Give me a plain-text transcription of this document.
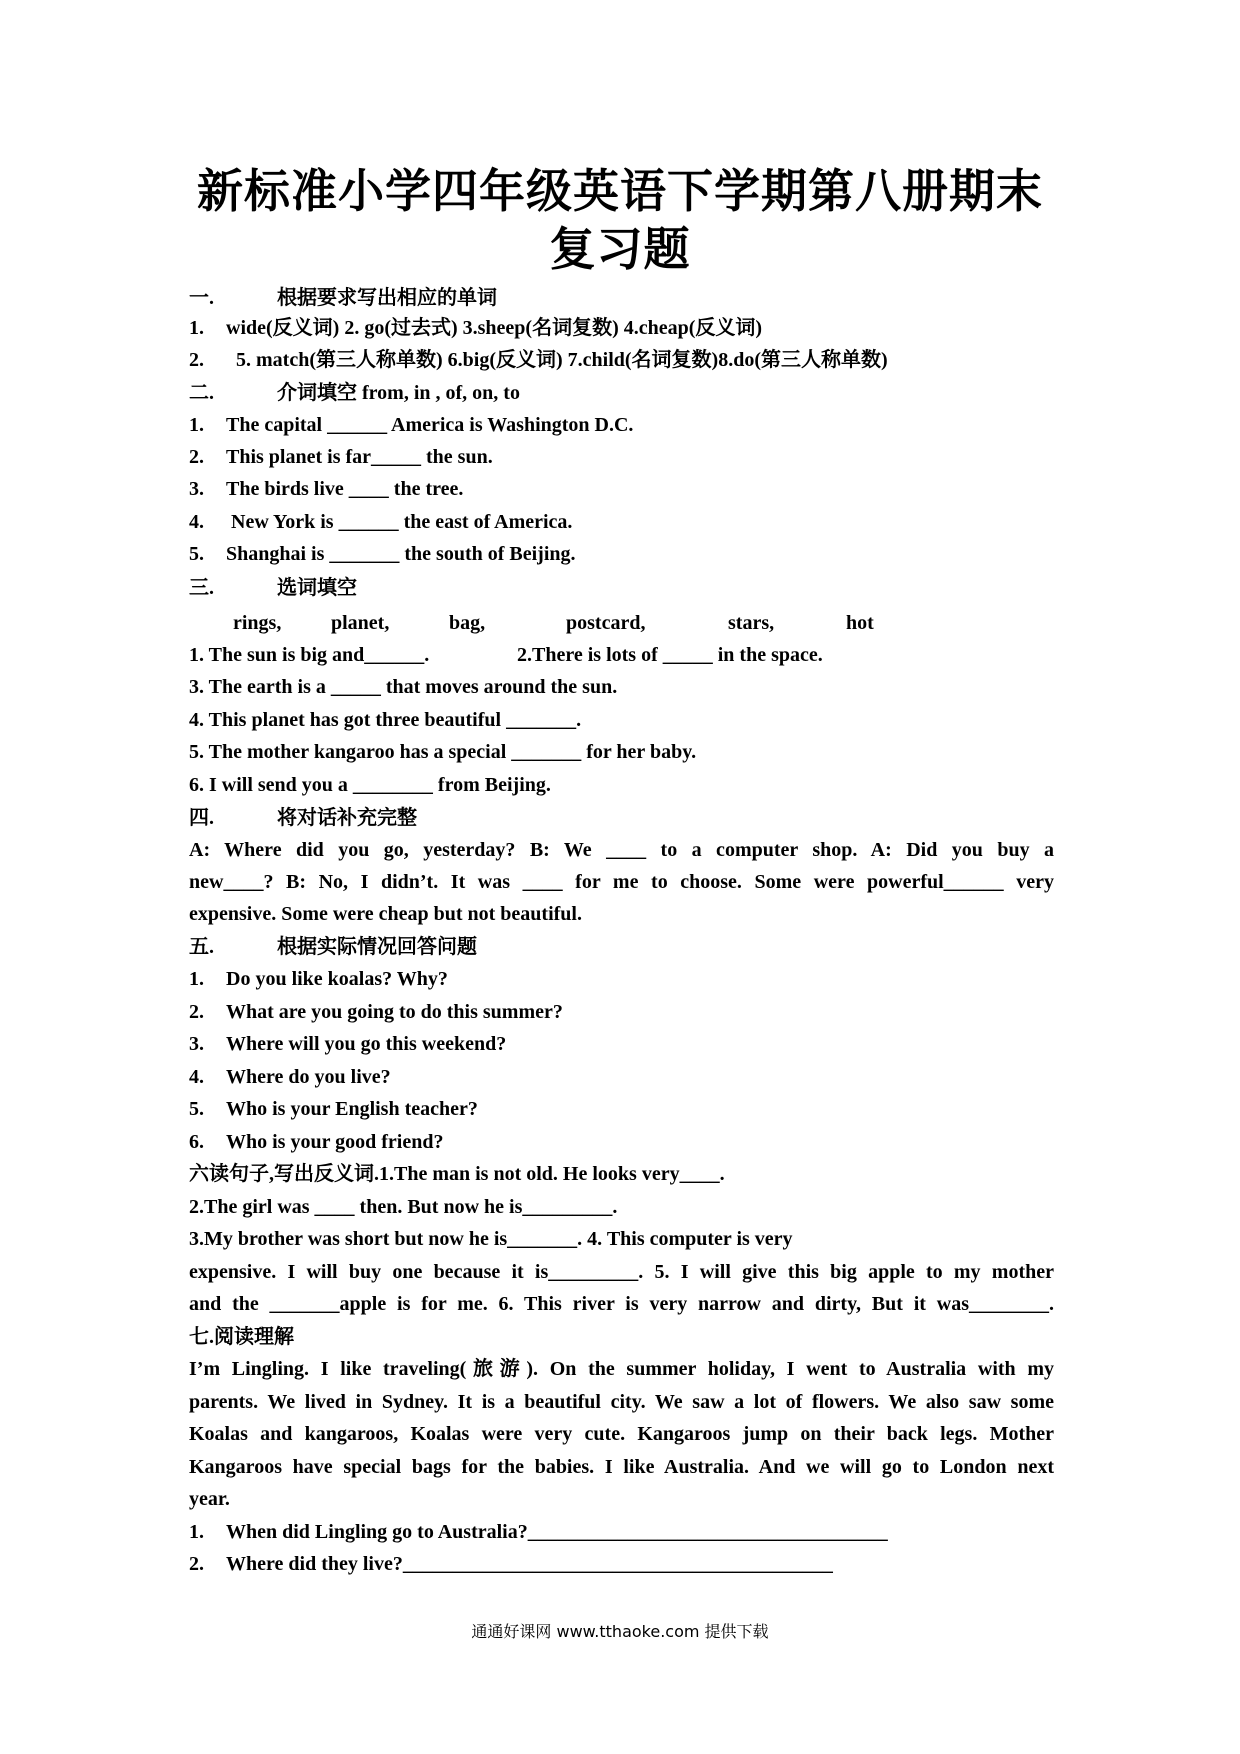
新标准小学四年级英语下学期第八册期末
复习题
一.	根据要求写出相应的单词
1. wide(反义词) 2. go(过去式) 3.sheep(名词复数) 4.cheap(反义词)
2. 5. match(第三人称单数) 6.big(反义词) 7.child(名词复数)8.do(第三人称单数)
二.	介词填空 from, in , of, on, to
1. The capital ______ America is Washington D.C.
2. This planet is far_____ the sun.
3. The birds live ____ the tree.
4. New York is ______ the east of America.
5. Shanghai is _______ the south of Beijing.
三.	选词填空
rings, planet,	bag,	postcard,	stars,	hot
1. The sun is big and______.	2.There is lots of _____ in the space.
3. The earth is a _____ that moves around the sun.
4. This planet has got three beautiful _______.
5. The mother kangaroo has a special _______ for her baby.
6. I will send you a ________ from Beijing.
四.	将对话补充完整
A: Where did you go, yesterday? B: We ____ to a computer shop. A: Did you buy a
new____? B: No, I didn’t. It was ____ for me to choose. Some were powerful______ very
expensive. Some were cheap but not beautiful.
五.	根据实际情况回答问题
1. Do you like koalas? Why?
2. What are you going to do this summer?
3. Where will you go this weekend?
4. Where do you live?
5. Who is your English teacher?
6. Who is your good friend?
六读句子,写出反义词.1.The man is not old. He looks very____.
2.The girl was ____ then. But now he is_________.
3.My brother was short but now he is_______. 4. This computer is very
expensive. I will buy one because it is_________. 5. I will give this big apple to my mother
and the _______apple is for me. 6. This river is very narrow and dirty, But it was________.
七.阅读理解
I’m Lingling. I like traveling(旅游). On the summer holiday, I went to Australia with my
parents. We lived in Sydney. It is a beautiful city. We saw a lot of flowers. We also saw some
Koalas and kangaroos, Koalas were very cute. Kangaroos jump on their back legs. Mother
Kangaroos have special bags for the babies. I like Australia. And we will go to London next
year.
1. When did Lingling go to Australia?____________________________________
2. Where did they live?___________________________________________
通通好课网 www.tthaoke.com 提供下载
